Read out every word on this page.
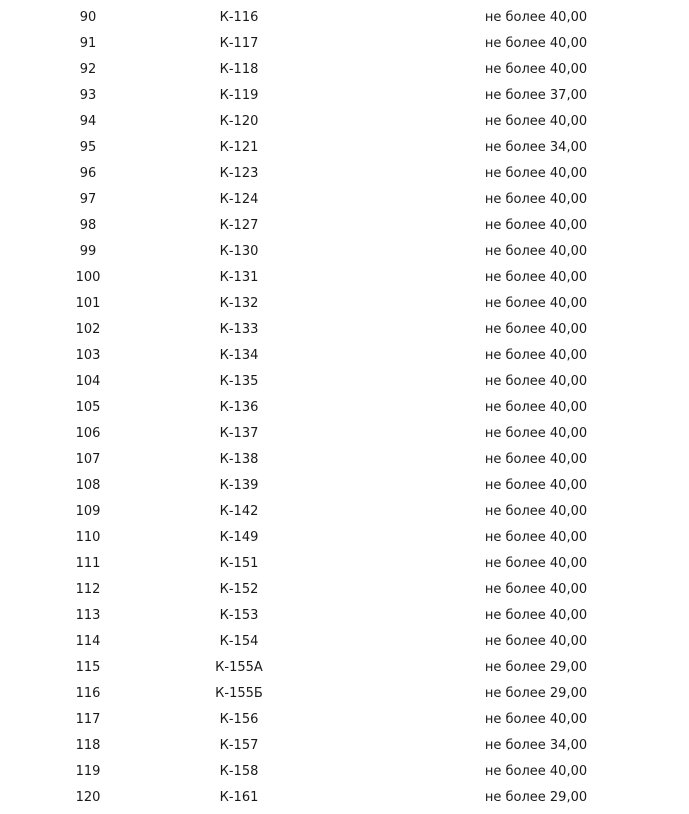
90	К-116	не более 40,00
91	К-117	не более 40,00
92	К-118	не более 40,00
93	К-119	не более 37,00
94	К-120	не более 40,00
95	К-121	не более 34,00
96	К-123	не более 40,00
97	К-124	не более 40,00
98	К-127	не более 40,00
99	К-130	не более 40,00
100	К-131	не более 40,00
101	К-132	не более 40,00
102	К-133	не более 40,00
103	К-134	не более 40,00
104	К-135	не более 40,00
105	К-136	не более 40,00
106	К-137	не более 40,00
107	К-138	не более 40,00
108	К-139	не более 40,00
109	К-142	не более 40,00
110	К-149	не более 40,00
111	К-151	не более 40,00
112	К-152	не более 40,00
113	К-153	не более 40,00
114	К-154	не более 40,00
115	К-155А	не более 29,00
116	К-155Б	не более 29,00
117	К-156	не более 40,00
118	К-157	не более 34,00
119	К-158	не более 40,00
120	К-161	не более 29,00
